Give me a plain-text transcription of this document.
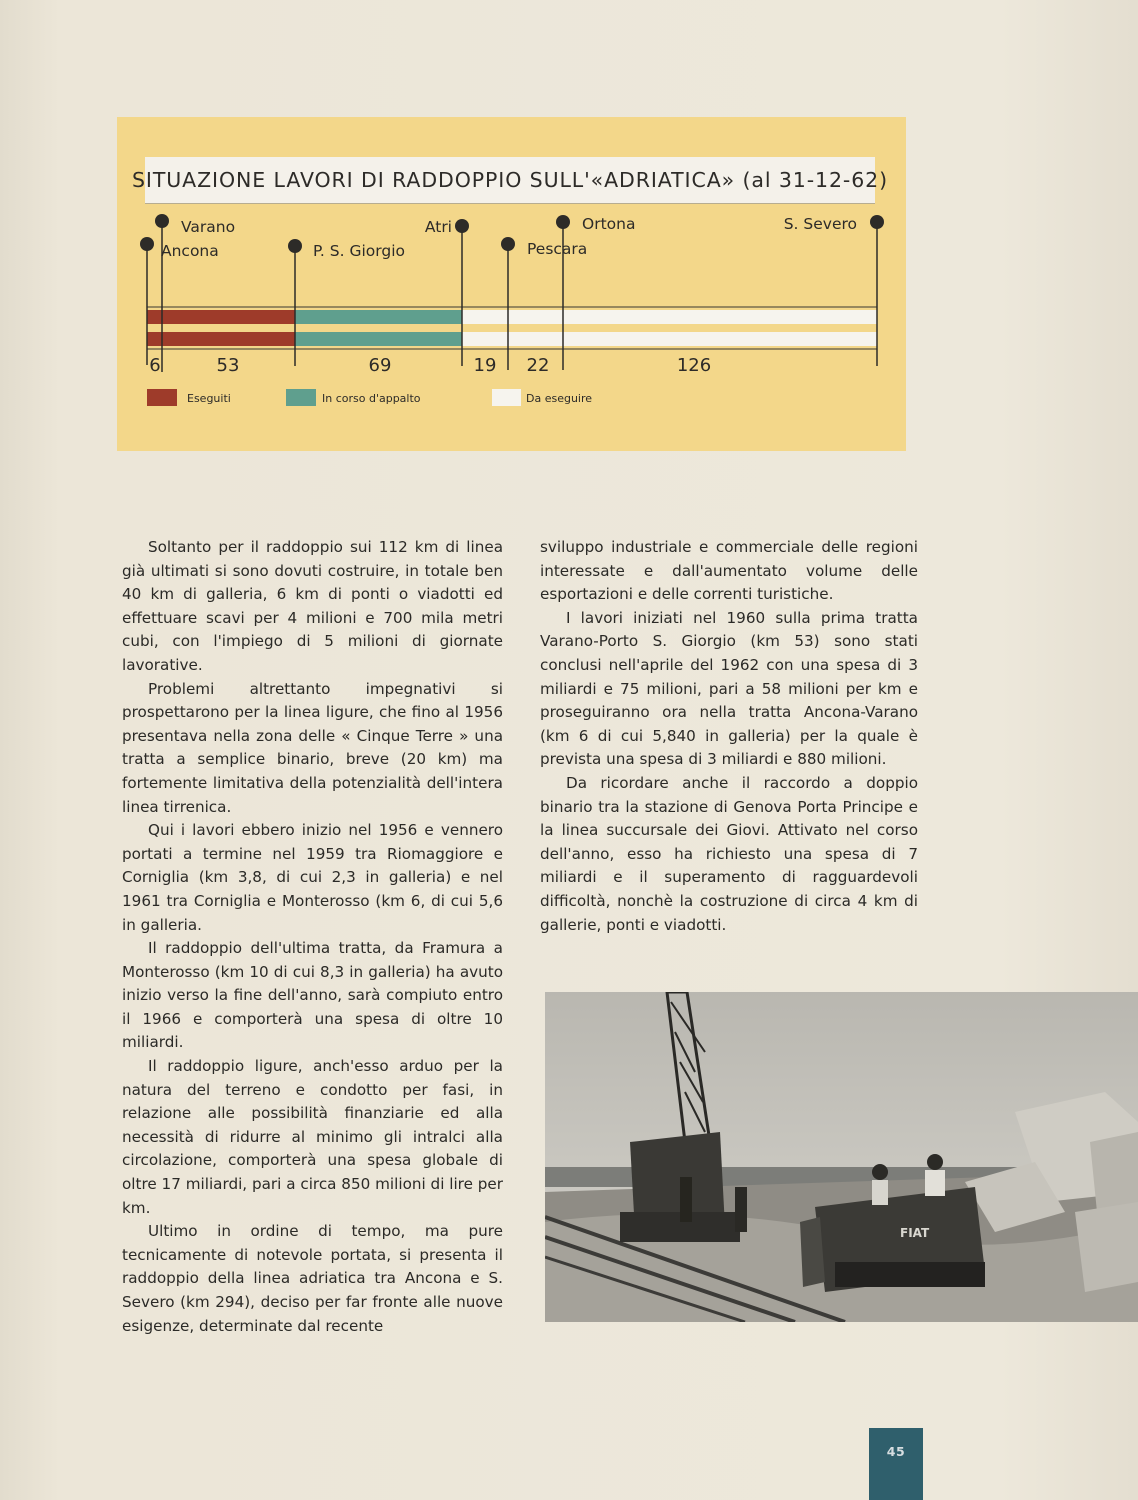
SITUAZIONE LAVORI DI RADDOPPIO SULL'«ADRIATICA» (al 31-12-62)
Varano
Ancona
Atri
P. S. Giorgio
Ortona
Pescara
S. Severo
6	53	69	19 22	126
Eseguiti	In corso d'appalto	Da eseguire

Soltanto per il raddoppio sui 112 km di linea già ultimati si sono dovuti costruire, in totale ben 40 km di galleria, 6 km di ponti o viadotti ed effettuare scavi per 4 milioni e 700 mila metri cubi, con l'impiego di 5 milioni di giornate lavorative.

Problemi altrettanto impegnativi si prospettarono per la linea ligure, che fino al 1956 presentava nella zona delle « Cinque Terre » una tratta a semplice binario, breve (20 km) ma fortemente limitativa della potenzialità dell'intera linea tirrenica.

Qui i lavori ebbero inizio nel 1956 e vennero portati a termine nel 1959 tra Riomaggiore e Corniglia (km 3,8, di cui 2,3 in galleria) e nel 1961 tra Corniglia e Monterosso (km 6, di cui 5,6 in galleria.

Il raddoppio dell'ultima tratta, da Framura a Monterosso (km 10 di cui 8,3 in galleria) ha avuto inizio verso la fine dell'anno, sarà compiuto entro il 1966 e comporterà una spesa di oltre 10 miliardi.

Il raddoppio ligure, anch'esso arduo per la natura del terreno e condotto per fasi, in relazione alle possibilità finanziarie ed alla necessità di ridurre al minimo gli intralci alla circolazione, comporterà una spesa globale di oltre 17 miliardi, pari a circa 850 milioni di lire per km.

Ultimo in ordine di tempo, ma pure tecnicamente di notevole portata, si presenta il raddoppio della linea adriatica tra Ancona e S. Severo (km 294), deciso per far fronte alle nuove esigenze, determinate dal recente

sviluppo industriale e commerciale delle regioni interessate e dall'aumentato volume delle esportazioni e delle correnti turistiche.

I lavori iniziati nel 1960 sulla prima tratta Varano-Porto S. Giorgio (km 53) sono stati conclusi nell'aprile del 1962 con una spesa di 3 miliardi e 75 milioni, pari a 58 milioni per km e proseguiranno ora nella tratta Ancona-Varano (km 6 di cui 5,840 in galleria) per la quale è prevista una spesa di 3 miliardi e 880 milioni.

Da ricordare anche il raccordo a doppio binario tra la stazione di Genova Porta Principe e la linea succursale dei Giovi. Attivato nel corso dell'anno, esso ha richiesto una spesa di 7 miliardi e il superamento di ragguardevoli difficoltà, nonchè la costruzione di circa 4 km di gallerie, ponti e viadotti.

FIAT
45
